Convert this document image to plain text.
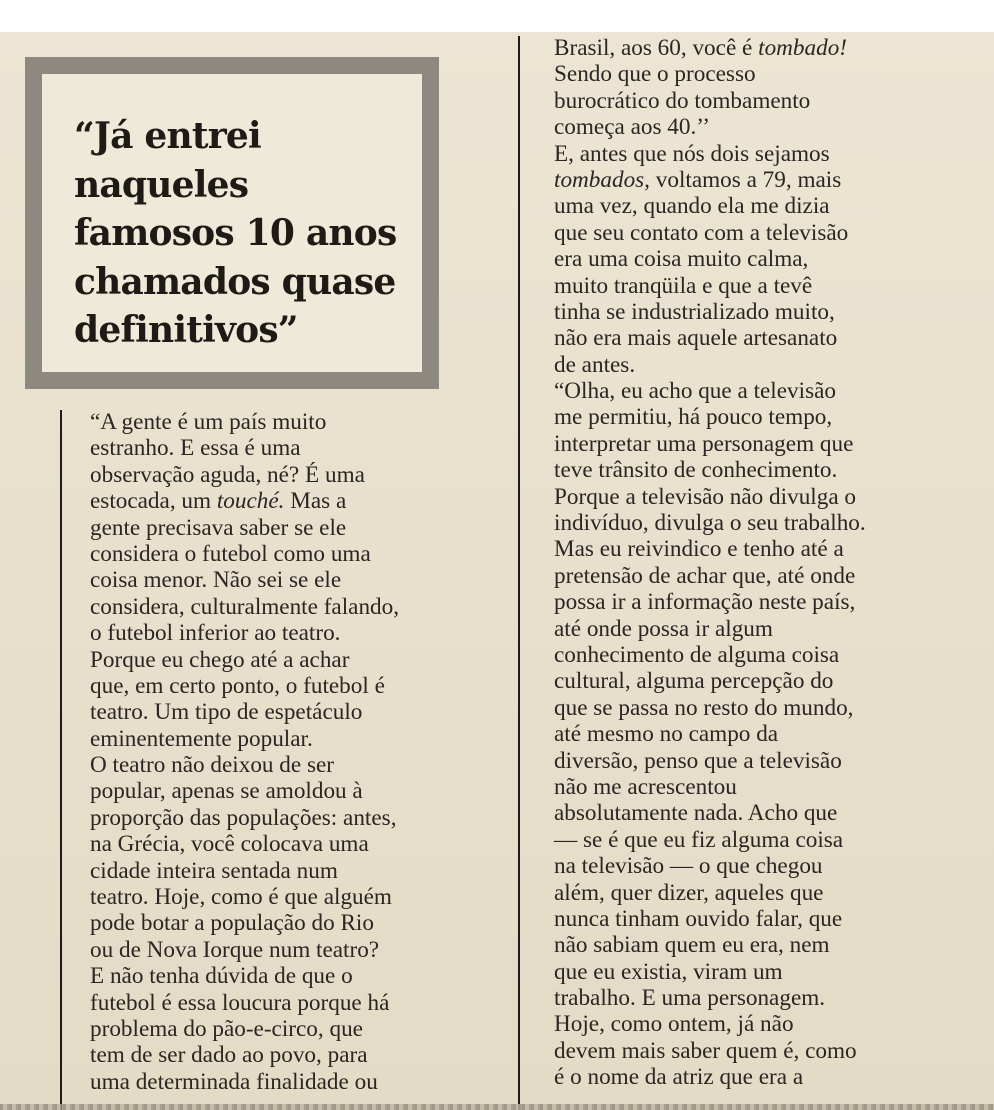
“Já entrei
naqueles
famosos 10 anos
chamados quase
definitivos”

“A gente é um país muito
estranho. E essa é uma
observação aguda, né? É uma
estocada, um touché. Mas a
gente precisava saber se ele
considera o futebol como uma
coisa menor. Não sei se ele
considera, culturalmente falando,
o futebol inferior ao teatro.
Porque eu chego até a achar
que, em certo ponto, o futebol é
teatro. Um tipo de espetáculo
eminentemente popular.
O teatro não deixou de ser
popular, apenas se amoldou à
proporção das populações: antes,
na Grécia, você colocava uma
cidade inteira sentada num
teatro. Hoje, como é que alguém
pode botar a população do Rio
ou de Nova Iorque num teatro?
E não tenha dúvida de que o
futebol é essa loucura porque há
problema do pão-e-circo, que
tem de ser dado ao povo, para
uma determinada finalidade ou
Brasil, aos 60, você é tombado!
Sendo que o processo
burocrático do tombamento
começa aos 40.’’
E, antes que nós dois sejamos
tombados, voltamos a 79, mais
uma vez, quando ela me dizia
que seu contato com a televisão
era uma coisa muito calma,
muito tranqüila e que a tevê
tinha se industrializado muito,
não era mais aquele artesanato
de antes.
“Olha, eu acho que a televisão
me permitiu, há pouco tempo,
interpretar uma personagem que
teve trânsito de conhecimento.
Porque a televisão não divulga o
indivíduo, divulga o seu trabalho.
Mas eu reivindico e tenho até a
pretensão de achar que, até onde
possa ir a informação neste país,
até onde possa ir algum
conhecimento de alguma coisa
cultural, alguma percepção do
que se passa no resto do mundo,
até mesmo no campo da
diversão, penso que a televisão
não me acrescentou
absolutamente nada. Acho que
— se é que eu fiz alguma coisa
na televisão — o que chegou
além, quer dizer, aqueles que
nunca tinham ouvido falar, que
não sabiam quem eu era, nem
que eu existia, viram um
trabalho. E uma personagem.
Hoje, como ontem, já não
devem mais saber quem é, como
é o nome da atriz que era a
